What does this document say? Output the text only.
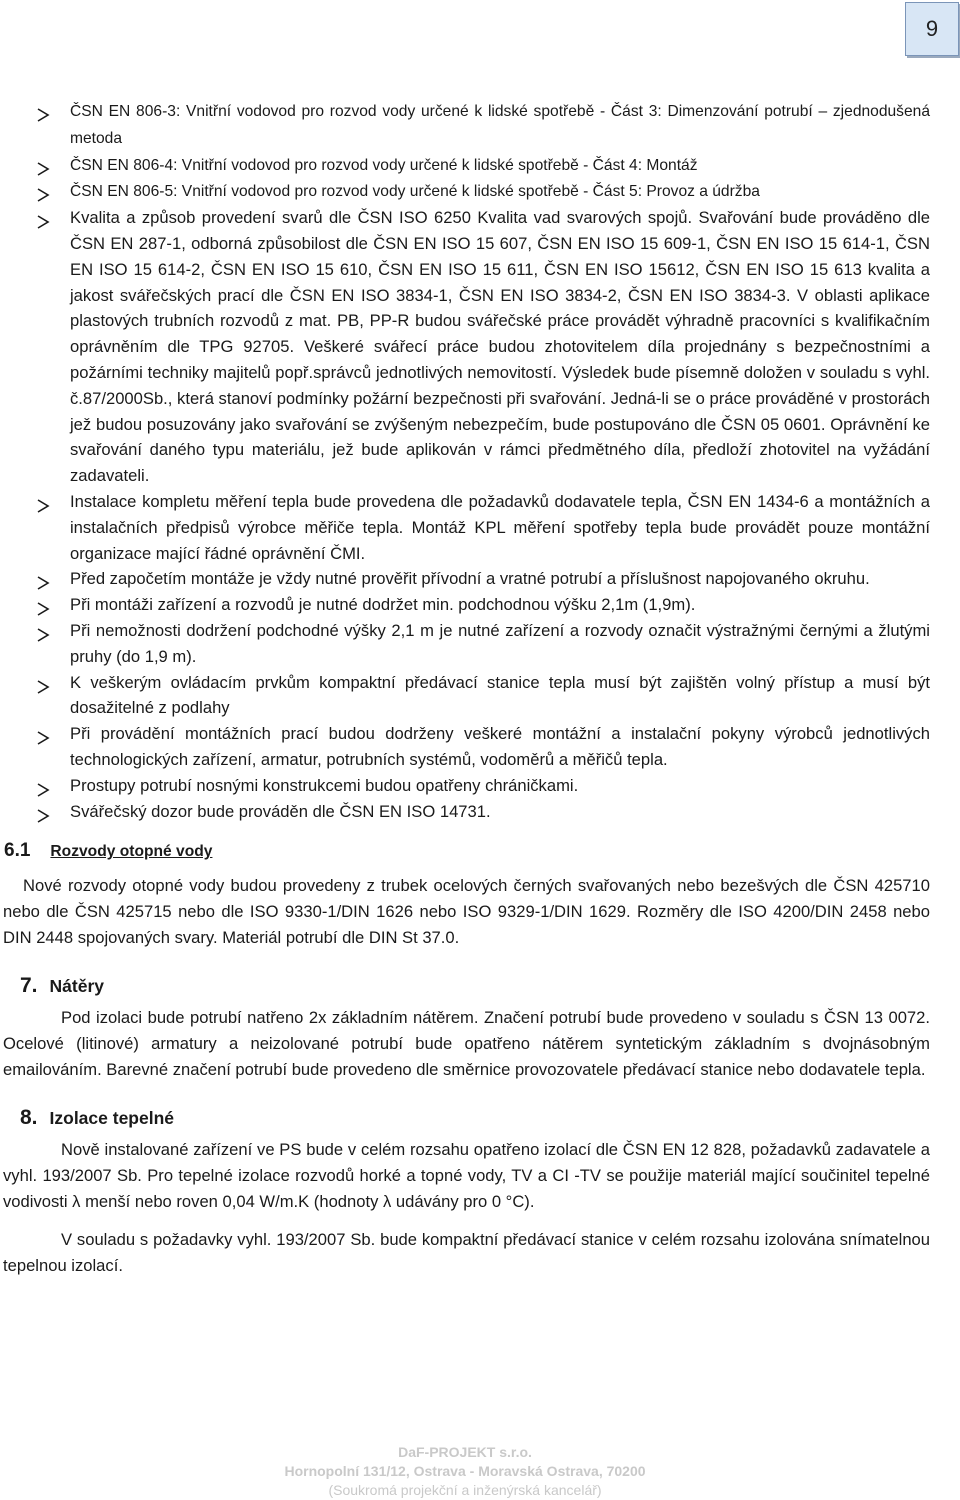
9
ČSN EN 806-3: Vnitřní vodovod pro rozvod vody určené k lidské spotřebě - Část 3: Dimenzování potrubí – zjednodušená metoda
ČSN EN 806-4: Vnitřní vodovod pro rozvod vody určené k lidské spotřebě - Část 4: Montáž
ČSN EN 806-5: Vnitřní vodovod pro rozvod vody určené k lidské spotřebě - Část 5: Provoz a údržba
Kvalita a způsob provedení svarů dle ČSN ISO 6250 Kvalita vad svarových spojů. Svařování bude prováděno dle ČSN EN 287-1, odborná způsobilost dle ČSN EN ISO 15 607, ČSN EN ISO 15 609-1, ČSN EN ISO 15 614-1, ČSN EN ISO 15 614-2, ČSN EN ISO 15 610, ČSN EN ISO 15 611, ČSN EN ISO 15612, ČSN EN ISO 15 613 kvalita a jakost svářečských prací dle ČSN EN ISO 3834-1, ČSN EN ISO 3834-2, ČSN EN ISO 3834-3. V oblasti aplikace plastových trubních rozvodů z mat. PB, PP-R budou svářečské práce provádět výhradně pracovníci s kvalifikačním oprávněním dle TPG 92705. Veškeré svářecí práce budou zhotovitelem díla projednány s bezpečnostními a požárními techniky majitelů popř.správců jednotlivých nemovitostí. Výsledek bude písemně doložen v souladu s vyhl. č.87/2000Sb., která stanoví podmínky požární bezpečnosti při svařování. Jedná-li se o práce prováděné v prostorách jež budou posuzovány jako svařování se zvýšeným nebezpečím, bude postupováno dle ČSN 05 0601. Oprávnění ke svařování daného typu materiálu, jež bude aplikován v rámci předmětného díla, předloží zhotovitel na vyžádání zadavateli.
Instalace kompletu měření tepla bude provedena dle požadavků dodavatele tepla, ČSN EN 1434-6 a montážních a instalačních předpisů výrobce měřiče tepla. Montáž KPL měření spotřeby tepla bude provádět pouze montážní organizace mající řádné oprávnění ČMI.
Před započetím montáže je vždy nutné prověřit přívodní a vratné potrubí a příslušnost napojovaného okruhu.
Při montáži zařízení a rozvodů je nutné dodržet min. podchodnou výšku 2,1m (1,9m).
Při nemožnosti dodržení podchodné výšky 2,1 m je nutné zařízení a rozvody označit výstražnými černými a žlutými pruhy (do 1,9 m).
K veškerým ovládacím prvkům kompaktní předávací stanice tepla musí být zajištěn volný přístup a musí být dosažitelné z podlahy
Při provádění montážních prací budou dodrženy veškeré montážní a instalační pokyny výrobců jednotlivých technologických zařízení, armatur, potrubních systémů, vodoměrů a měřičů tepla.
Prostupy potrubí nosnými konstrukcemi budou opatřeny chráničkami.
Svářečský dozor bude prováděn dle ČSN EN ISO 14731.
6.1 Rozvody otopné vody

Nové rozvody otopné vody budou provedeny z trubek ocelových černých svařovaných nebo bezešvých dle ČSN 425710 nebo dle ČSN 425715 nebo dle ISO 9330-1/DIN 1626 nebo ISO 9329-1/DIN 1629. Rozměry dle ISO 4200/DIN 2458 nebo DIN 2448 spojovaných svary. Materiál potrubí dle DIN St 37.0.

7. Nátěry

Pod izolaci bude potrubí natřeno 2x základním nátěrem. Značení potrubí bude provedeno v souladu s ČSN 13 0072. Ocelové (litinové) armatury a neizolované potrubí bude opatřeno nátěrem syntetickým základním s dvojnásobným emailováním. Barevné značení potrubí bude provedeno dle směrnice provozovatele předávací stanice nebo dodavatele tepla.

8. Izolace tepelné

Nově instalované zařízení ve PS bude v celém rozsahu opatřeno izolací dle ČSN EN 12 828, požadavků zadavatele a vyhl. 193/2007 Sb. Pro tepelné izolace rozvodů horké a topné vody, TV a CI -TV se použije materiál mající součinitel tepelné vodivosti λ menší nebo roven 0,04 W/m.K (hodnoty λ udávány pro 0 °C).

V souladu s požadavky vyhl. 193/2007 Sb. bude kompaktní předávací stanice v celém rozsahu izolována snímatelnou tepelnou izolací.

DaF-PROJEKT s.r.o.
Hornopolní 131/12, Ostrava - Moravská Ostrava, 70200
(Soukromá projekční a inženýrská kancelář)
